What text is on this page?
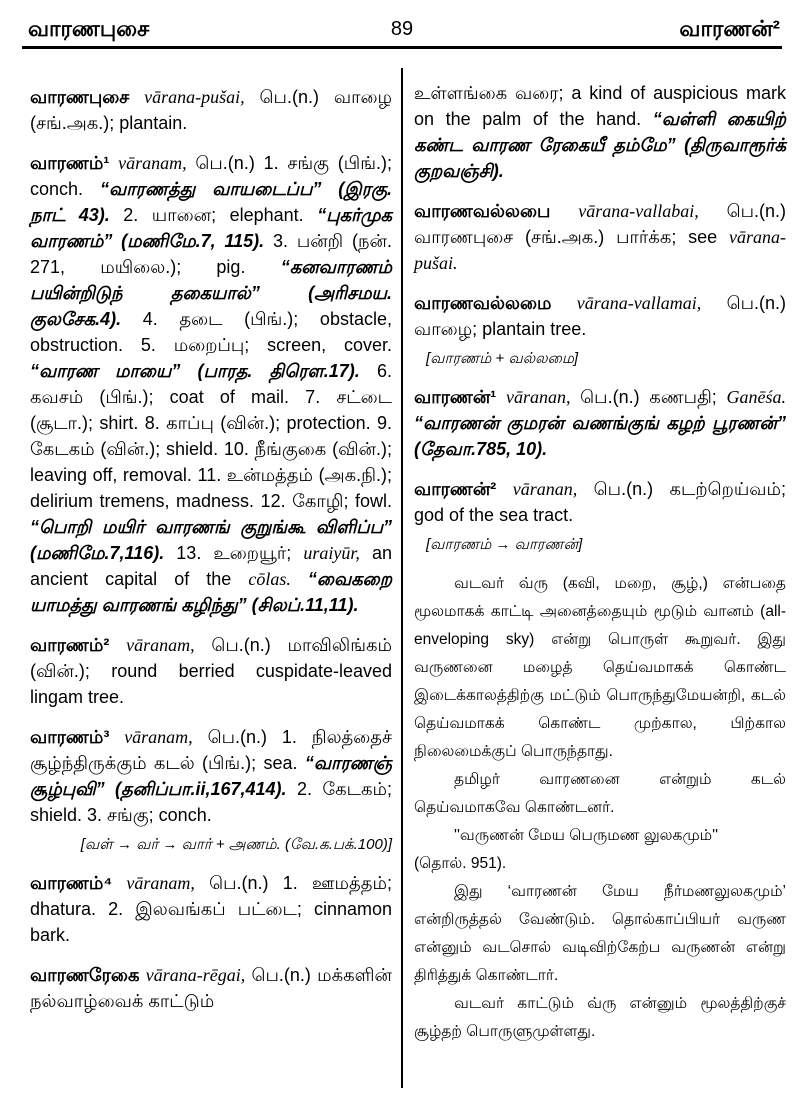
வாரணபுசை	89	வாரணன்²
வாரணபுசை vārana-pušai, பெ.(n.) வாழை (சங்.அக.); plantain.
வாரணம்¹ vāranam, பெ.(n.) 1. சங்கு (பிங்.); conch. “வாரணத்து வாயடைப்ப” (இரகு. நாட் 43). 2. யானை; elephant. “புகர்முக வாரணம்” (மணிமே.7, 115). 3. பன்றி (நன். 271, மயிலை.); pig. “கனவாரணம் பயின்றிடுந் தகையால்” (அரிசமய. குலசேக.4). 4. தடை (பிங்.); obstacle, obstruction. 5. மறைப்பு; screen, cover. “வாரண மாயை” (பாரத. திரௌ.17). 6. கவசம் (பிங்.); coat of mail. 7. சட்டை (சூடா.); shirt. 8. காப்பு (வின்.); protection. 9. கேடகம் (வின்.); shield. 10. நீங்குகை (வின்.); leaving off, removal. 11. உன்மத்தம் (அக.நி.); delirium tremens, madness. 12. கோழி; fowl. “பொறி மயிர் வாரணங் குறுங்கூ விளிப்ப” (மணிமே.7,116). 13. உறையூர்; uraiyūr, an ancient capital of the cōlas. “வைகறை யாமத்து வாரணங் கழிந்து” (சிலப்.11,11).
வாரணம்² vāranam, பெ.(n.) மாவிலிங்கம் (வின்.); round berried cuspidate-leaved lingam tree.
வாரணம்³ vāranam, பெ.(n.) 1. நிலத்தைச் சூழ்ந்திருக்கும் கடல் (பிங்.); sea. “வாரணஞ் சூழ்புவி” (தனிப்பா.ii,167,414). 2. கேடகம்; shield. 3. சங்கு; conch.
[வள் → வர் → வார் + அணம். (வே.க.பக்.100)]
வாரணம்⁴ vāranam, பெ.(n.) 1. ஊமத்தம்; dhatura. 2. இலவங்கப் பட்டை; cinnamon bark.
வாரணரேகை vārana-rēgai, பெ.(n.) மக்களின் நல்வாழ்வைக் காட்டும்
உள்ளங்கை வரை; a kind of auspicious mark on the palm of the hand. “வள்ளி கையிற் கண்ட வாரண ரேகையீ தம்மே” (திருவாரூர்க் குறவஞ்சி).
வாரணவல்லபை vārana-vallabai, பெ.(n.) வாரணபுசை (சங்.அக.) பார்க்க; see vārana-pušai.
வாரணவல்லமை vārana-vallamai, பெ.(n.) வாழை; plantain tree.
[வாரணம் + வல்லமை]
வாரணன்¹ vāranan, பெ.(n.) கணபதி; Ganēśa. “வாரணன் குமரன் வணங்குங் கழற் பூரணன்” (தேவா.785, 10).
வாரணன்² vāranan, பெ.(n.) கடற்றெய்வம்; god of the sea tract.
[வாரணம் → வாரணன்]

வடவர் வ்ரு (கவி, மறை, சூழ்,) என்பதை மூலமாகக் காட்டி அனைத்தையும் மூடும் வானம் (all-enveloping sky) என்று பொருள் கூறுவர். இது வருணனை மழைத் தெய்வமாகக் கொண்ட இடைக்காலத்திற்கு மட்டும் பொருந்துமேயன்றி, கடல் தெய்வமாகக் கொண்ட முற்கால, பிற்கால நிலைமைக்குப் பொருந்தாது.

தமிழர் வாரணனை என்றும் கடல் தெய்வமாகவே கொண்டனர்.

''வருணன் மேய பெருமண லுலகமும்''

(தொல். 951).

இது ‘வாரணன் மேய நீர்மணலுலகமும்’ என்றிருத்தல் வேண்டும். தொல்காப்பியர் வருண என்னும் வடசொல் வடிவிற்கேற்ப வருணன் என்று திரித்துக் கொண்டார்.

வடவர் காட்டும் வ்ரு என்னும் மூலத்திற்குச் சூழ்தற் பொருளுமுள்ளது.
